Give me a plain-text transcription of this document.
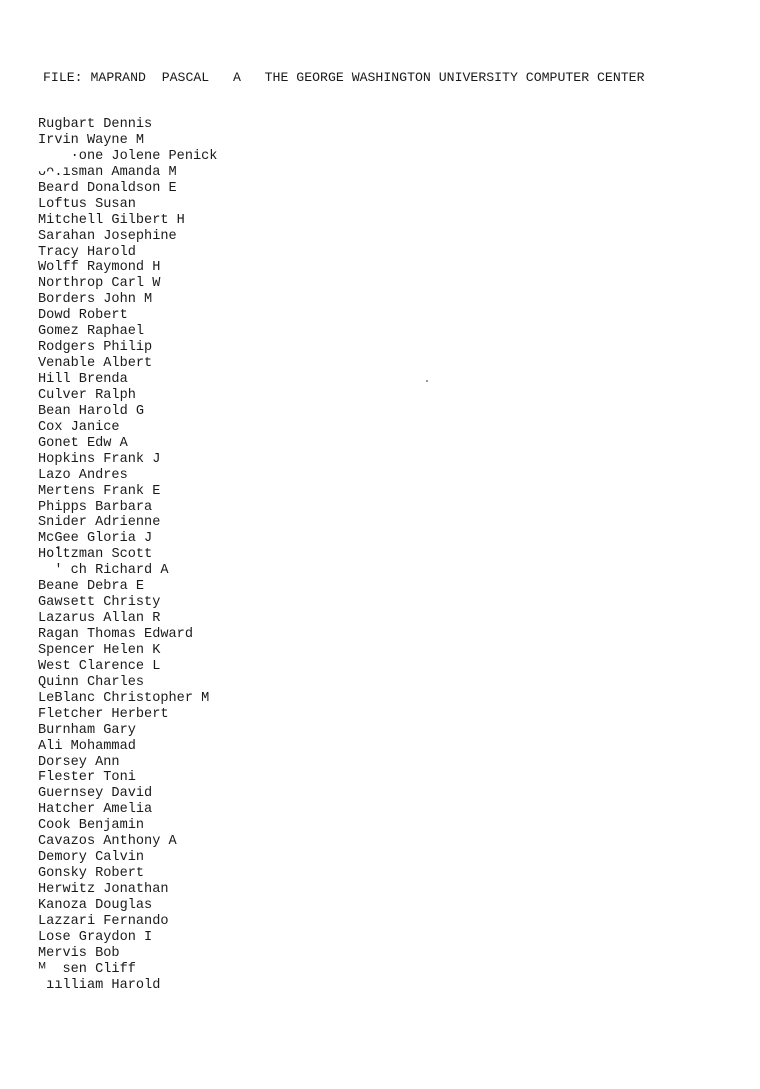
FILE: MAPRAND PASCAL A THE GEORGE WASHINGTON UNIVERSITY COMPUTER CENTER
Rugbart Dennis
Irvin Wayne M
·one Jolene Penick
ᴗᴖ.ısman Amanda M
Beard Donaldson E
Loftus Susan
Mitchell Gilbert H
Sarahan Josephine
Tracy Harold
Wolff Raymond H
Northrop Carl W
Borders John M
Dowd Robert
Gomez Raphael
Rodgers Philip
Venable Albert
Hill Brenda
Culver Ralph
Bean Harold G
Cox Janice
Gonet Edw A
Hopkins Frank J
Lazo Andres
Mertens Frank E
Phipps Barbara
Snider Adrienne
McGee Gloria J
Hoٔltzman Scott
' ch Richard A
Beane Debra E
Gawsett Christy
Lazarus Allan R
Ragan Thomas Edward
Spencer Helen K
West Clarence L
Quinn Charles
LeBlanc Christopher M
Fletcher Herbert
Burnham Gary
Ali Mohammad
Dorsey Ann
Flester Toni
Guernsey David
Hatcher Amelia
Cook Benjamin
Cavazos Anthony A
Demory Calvin
Gonsky Robert
Herwitz Jonathan
Kanoza Douglas
Lazzari Fernando
Lose Graydon I
Mervis Bob
ᴹ  sen Cliff
ıılliam Harold
